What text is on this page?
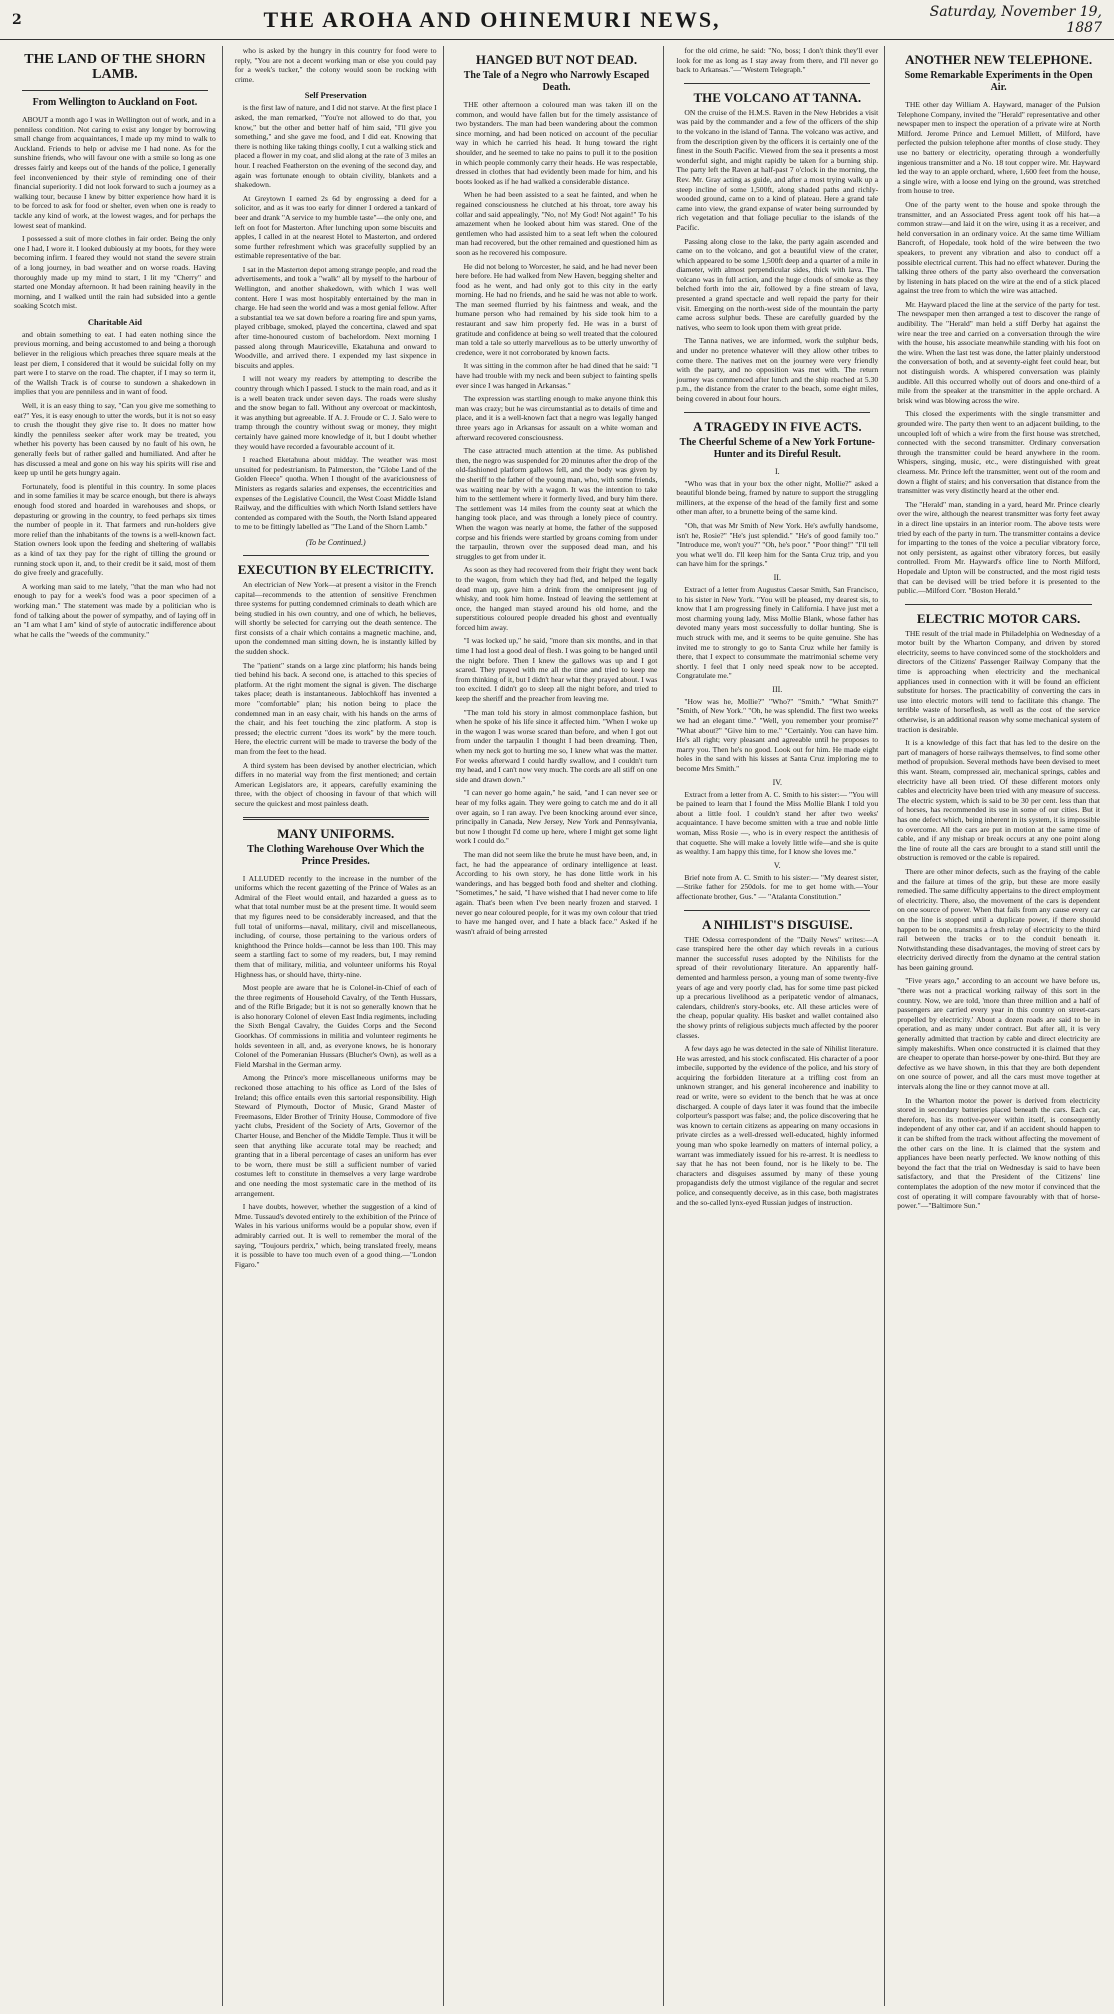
2	THE AROHA AND OHINEMURI NEWS,	Saturday, November 19, 1887
THE LAND OF THE SHORN LAMB.
From Wellington to Auckland on Foot.

ABOUT a month ago I was in Wellington out of work, and in a penniless condition. Not caring to exist any longer by borrowing small change from acquaintances, I made up my mind to walk to Auckland. Friends to help or advise me I had none. As for the sunshine friends, who will favour one with a smile so long as one dresses fairly and keeps out of the hands of the police, I generally feel inconvenienced by their style of reminding one of their financial superiority. I did not look forward to such a journey as a walking tour, because I knew by bitter experience how hard it is to be forced to ask for food or shelter, even when one is ready to tackle any kind of work, at the lowest wages, and for perhaps the lowest seat of mankind.

I possessed a suit of more clothes in fair order. Being the only one I had, I wore it. I looked dubiously at my boots, for they were becoming infirm. I feared they would not stand the severe strain of a long journey, in bad weather and on worse roads. Having thoroughly made up my mind to start, I lit my "Cherry" and started one Monday afternoon. It had been raining heavily in the morning, and I walked until the rain had subsided into a gentle soaking Scotch mist.

Charitable Aid

and obtain something to eat. I had eaten nothing since the previous morning, and being accustomed to and being a thorough believer in the religious which preaches three square meals at the least per diem, I considered that it would be suicidal folly on my part were I to starve on the road. The chapter, if I may so term it, of the Wallsh Track is of course to sundown a shakedown in implies that you are penniless and in want of food.

Well, it is an easy thing to say, "Can you give me something to eat?" Yes, it is easy enough to utter the words, but it is not so easy to crush the thought they give rise to. It does no matter how kindly the penniless seeker after work may be treated, you whether his poverty has been caused by no fault of his own, he generally feels but of rather galled and humiliated. And after he has discussed a meal and gone on his way his spirits will rise and keep up until he gets hungry again.

Fortunately, food is plentiful in this country. In some places and in some families it may be scarce enough, but there is always enough food stored and hoarded in warehouses and shops, or depasturing or growing in the country, to feed perhaps six times the number of people in it. That farmers and run-holders give more relief than the inhabitants of the towns is a well-known fact. Station owners look upon the feeding and sheltering of wallabis as a kind of tax they pay for the right of tilling the ground or running stock upon it, and, to their credit be it said, most of them do give freely and gracefully.

A working man said to me lately, "that the man who had not enough to pay for a week's food was a poor specimen of a working man." The statement was made by a politician who is fond of talking about the power of sympathy, and of laying off in an "I am what I am" kind of style of autocratic indifference about what he calls the "weeds of the community."

who is asked by the hungry in this country for food were to reply, "You are not a decent working man or else you could pay for a week's tucker," the colony would soon be rocking with crime.

Self Preservation

is the first law of nature, and I did not starve. At the first place I asked, the man remarked, "You're not allowed to do that, you know," but the other and better half of him said, "I'll give you something," and she gave me food, and I did eat. Knowing that there is nothing like taking things coolly, I cut a walking stick and placed a flower in my coat, and slid along at the rate of 3 miles an hour. I reached Featherston on the evening of the second day, and again was fortunate enough to obtain civility, blankets and a shakedown.

At Greytown I earned 2s 6d by engrossing a deed for a solicitor, and as it was too early for dinner I ordered a tankard of beer and drank "A service to my humble taste"—the only one, and left on foot for Masterton. After lunching upon some biscuits and apples, I called in at the nearest Hotel to Masterton, and ordered some further refreshment which was gracefully supplied by an estimable representative of the bar.

I sat in the Masterton depot among strange people, and read the advertisements, and took a "walk" all by myself to the harbour of Wellington, and another shakedown, with which I was well content. Here I was most hospitably entertained by the man in charge. He had seen the world and was a most genial fellow. After a substantial tea we sat down before a roaring fire and spun yarns, played cribbage, smoked, played the concertina, clawed and spat after time-honoured custom of bachelordom. Next morning I passed along through Mauriceville, Ekatahuna and onward to Woodville, and arrived there. I expended my last sixpence in biscuits and apples.

I will not weary my readers by attempting to describe the country through which I passed. I stuck to the main road, and as it is a well beaten track under seven days. The roads were slushy and the snow began to fall. Without any overcoat or mackintosh, it was anything but agreeable. If A. J. Froude or C. J. Salo were to tramp through the country without swag or money, they might certainly have gained more knowledge of it, but I doubt whether they would have recorded a favourable account of it.

I reached Eketahuna about midday. The weather was most unsuited for pedestrianism. In Palmerston, the "Globe Land of the Golden Fleece" quotha. When I thought of the avariciousness of Ministers as regards salaries and expenses, the eccentricities and expenses of the Legislative Council, the West Coast Middle Island Railway, and the difficulties with which North Island settlers have contended as compared with the South, the North Island appeared to me to be fittingly labelled as "The Land of the Shorn Lamb."

(To be Continued.)
EXECUTION BY ELECTRICITY.

An electrician of New York—at present a visitor in the French capital—recommends to the attention of sensitive Frenchmen three systems for putting condemned criminals to death which are being studied in his own country, and one of which, he believes, will shortly be selected for carrying out the death sentence. The first consists of a chair which contains a magnetic machine, and, upon the condemned man sitting down, he is instantly killed by the sudden shock.

The "patient" stands on a large zinc platform; his hands being tied behind his back. A second one, is attached to this species of platform. At the right moment the signal is given. The discharge takes place; death is instantaneous. Jablochkoff has invented a more "comfortable" plan; his notion being to place the condemned man in an easy chair, with his hands on the arms of the chair, and his feet touching the zinc platform. A stop is pressed; the electric current "does its work" by the mere touch. Here, the electric current will be made to traverse the body of the man from the feet to the head.

A third system has been devised by another electrician, which differs in no material way from the first mentioned; and certain American Legislators are, it appears, carefully examining the three, with the object of choosing in favour of that which will secure the quickest and most painless death.

MANY UNIFORMS.
The Clothing Warehouse Over Which the Prince Presides.

I ALLUDED recently to the increase in the number of the uniforms which the recent gazetting of the Prince of Wales as an Admiral of the Fleet would entail, and hazarded a guess as to what that total number must be at the present time. It would seem that my figures need to be considerably increased, and that the full total of uniforms—naval, military, civil and miscellaneous, including, of course, those pertaining to the various orders of knighthood the Prince holds—cannot be less than 100. This may seem a startling fact to some of my readers, but, I may remind them that of military, militia, and volunteer uniforms his Royal Highness has, or should have, thirty-nine.

Most people are aware that he is Colonel-in-Chief of each of the three regiments of Household Cavalry, of the Tenth Hussars, and of the Rifle Brigade; but it is not so generally known that he is also honorary Colonel of eleven East India regiments, including the Sixth Bengal Cavalry, the Guides Corps and the Second Goorkhas. Of commissions in militia and volunteer regiments he holds seventeen in all, and, as everyone knows, he is honorary Colonel of the Pomeranian Hussars (Blucher's Own), as well as a Field Marshal in the German army.

Among the Prince's more miscellaneous uniforms may be reckoned those attaching to his office as Lord of the Isles of Ireland; this office entails even this sartorial responsibility. High Steward of Plymouth, Doctor of Music, Grand Master of Freemasons, Elder Brother of Trinity House, Commodore of five yacht clubs, President of the Society of Arts, Governor of the Charter House, and Bencher of the Middle Temple. Thus it will be seen that anything like accurate total may be reached; and granting that in a liberal percentage of cases an uniform has ever to be worn, there must be still a sufficient number of varied costumes left to constitute in themselves a very large wardrobe and one needing the most systematic care in the method of its arrangement.

I have doubts, however, whether the suggestion of a kind of Mme. Tussaud's devoted entirely to the exhibition of the Prince of Wales in his various uniforms would be a popular show, even if admirably carried out. It is well to remember the moral of the saying, "Toujours perdrix," which, being translated freely, means it is possible to have too much even of a good thing.—"London Figaro."

HANGED BUT NOT DEAD.
The Tale of a Negro who Narrowly Escaped Death.

THE other afternoon a coloured man was taken ill on the common, and would have fallen but for the timely assistance of two bystanders. The man had been wandering about the common since morning, and had been noticed on account of the peculiar way in which he carried his head. It hung toward the right shoulder, and he seemed to take no pains to pull it to the position in which people commonly carry their heads. He was respectable, dressed in clothes that had evidently been made for him, and his boots looked as if he had walked a considerable distance.

When he had been assisted to a seat he fainted, and when he regained consciousness he clutched at his throat, tore away his collar and said appealingly, "No, no! My God! Not again!" To his amazement when he looked about him was stared. One of the gentlemen who had assisted him to a seat left when the coloured man had recovered, but the other remained and questioned him as soon as he recovered his composure.

He did not belong to Worcester, he said, and he had never been here before. He had walked from New Haven, begging shelter and food as he went, and had only got to this city in the early morning. He had no friends, and he said he was not able to work. The man seemed flurried by his faintness and weak, and the humane person who had remained by his side took him to a restaurant and saw him properly fed. He was in a burst of gratitude and confidence at being so well treated that the coloured man told a tale so utterly marvellous as to be utterly unworthy of credence, were it not corroborated by known facts.

It was sitting in the common after he had dined that he said: "I have had trouble with my neck and been subject to fainting spells ever since I was hanged in Arkansas."

The expression was startling enough to make anyone think this man was crazy; but he was circumstantial as to details of time and place, and it is a well-known fact that a negro was legally hanged three years ago in Arkansas for assault on a white woman and afterward recovered consciousness.

The case attracted much attention at the time. As published then, the negro was suspended for 20 minutes after the drop of the old-fashioned platform gallows fell, and the body was given by the sheriff to the father of the young man, who, with some friends, was waiting near by with a wagon. It was the intention to take him to the settlement where it formerly lived, and bury him there. The settlement was 14 miles from the county seat at which the hanging took place, and was through a lonely piece of country. When the wagon was nearly at home, the father of the supposed corpse and his friends were startled by groans coming from under the tarpaulin, thrown over the supposed dead man, and his struggles to get from under it.

As soon as they had recovered from their fright they went back to the wagon, from which they had fled, and helped the legally dead man up, gave him a drink from the omnipresent jug of whisky, and took him home. Instead of leaving the settlement at once, the hanged man stayed around his old home, and the superstitious coloured people dreaded his ghost and eventually forced him away.

"I was locked up," he said, "more than six months, and in that time I had lost a good deal of flesh. I was going to be hanged until the night before. Then I knew the gallows was up and I got scared. They prayed with me all the time and tried to keep me from thinking of it, but I didn't hear what they prayed about. I was too excited. I didn't go to sleep all the night before, and tried to keep the sheriff and the preacher from leaving me.

"The man told his story in almost commonplace fashion, but when he spoke of his life since it affected him. "When I woke up in the wagon I was worse scared than before, and when I got out from under the tarpaulin I thought I had been dreaming. Then, when my neck got to hurting me so, I knew what was the matter. For weeks afterward I could hardly swallow, and I couldn't turn my head, and I can't now very much. The cords are all stiff on one side and drawn down."

"I can never go home again," he said, "and I can never see or hear of my folks again. They were going to catch me and do it all over again, so I ran away. I've been knocking around ever since, principally in Canada, New Jersey, New York and Pennsylvania, but now I thought I'd come up here, where I might get some light work I could do."

The man did not seem like the brute he must have been, and, in fact, he had the appearance of ordinary intelligence at least. According to his own story, he has done little work in his wanderings, and has begged both food and shelter and clothing. "Sometimes," he said, "I have wished that I had never come to life again. That's been when I've been nearly frozen and starved. I never go near coloured people, for it was my own colour that tried to have me hanged over, and I hate a black face." Asked if he wasn't afraid of being arrested

for the old crime, he said: "No, boss; I don't think they'll ever look for me as long as I stay away from there, and I'll never go back to Arkansas."—"Western Telegraph."

THE VOLCANO AT TANNA.

ON the cruise of the H.M.S. Raven in the New Hebrides a visit was paid by the commander and a few of the officers of the ship to the volcano in the island of Tanna. The volcano was active, and from the description given by the officers it is certainly one of the finest in the South Pacific. Viewed from the sea it presents a most wonderful sight, and might rapidly be taken for a burning ship. The party left the Raven at half-past 7 o'clock in the morning, the Rev. Mr. Gray acting as guide, and after a most trying walk up a steep incline of some 1,500ft, along shaded paths and richly-wooded ground, came on to a kind of plateau. Here a grand tale came into view, the grand expanse of water being surrounded by rich vegetation and that foliage peculiar to the islands of the Pacific.

Passing along close to the lake, the party again ascended and came on to the volcano, and got a beautiful view of the crater, which appeared to be some 1,500ft deep and a quarter of a mile in diameter, with almost perpendicular sides, thick with lava. The volcano was in full action, and the huge clouds of smoke as they belched forth into the air, followed by a fine stream of lava, presented a grand spectacle and well repaid the party for their visit. Emerging on the north-west side of the mountain the party came across sulphur beds. These are carefully guarded by the natives, who seem to look upon them with great pride.

The Tanna natives, we are informed, work the sulphur beds, and under no pretence whatever will they allow other tribes to come there. The natives met on the journey were very friendly with the party, and no opposition was met with. The return journey was commenced after lunch and the ship reached at 5.30 p.m., the distance from the crater to the beach, some eight miles, being covered in about four hours.

A TRAGEDY IN FIVE ACTS.
The Cheerful Scheme of a New York Fortune-Hunter and its Direful Result.
I.

"Who was that in your box the other night, Mollie?" asked a beautiful blonde being, framed by nature to support the struggling milliners, at the expense of the head of the family first and some other man after, to a brunette being of the same kind.

"Oh, that was Mr Smith of New York. He's awfully handsome, isn't he, Rosie?" "He's just splendid." "He's of good family too." "Introduce me, won't you?" "Oh, he's poor." "Poor thing!" "I'll tell you what we'll do. I'll keep him for the Santa Cruz trip, and you can have him for the springs."

II.

Extract of a letter from Augustus Caesar Smith, San Francisco, to his sister in New York. "You will be pleased, my dearest sis, to know that I am progressing finely in California. I have just met a most charming young lady, Miss Mollie Blank, whose father has devoted many years most successfully to dollar hunting. She is much struck with me, and it seems to be quite genuine. She has invited me to strongly to go to Santa Cruz while her family is there, that I expect to consummate the matrimonial scheme very shortly. I feel that I only need speak now to be accepted. Congratulate me."

III.

"How was he, Mollie?" "Who?" "Smith." "What Smith?" "Smith, of New York." "Oh, he was splendid. The first two weeks we had an elegant time." "Well, you remember your promise?" "What about?" "Give him to me." "Certainly. You can have him. He's all right; very pleasant and agreeable until he proposes to marry you. Then he's no good. Look out for him. He made eight holes in the sand with his kisses at Santa Cruz imploring me to become Mrs Smith."

IV.

Extract from a letter from A. C. Smith to his sister:— "You will be pained to learn that I found the Miss Mollie Blank I told you about a little fool. I couldn't stand her after two weeks' acquaintance. I have become smitten with a true and noble little woman, Miss Rosie —, who is in every respect the antithesis of that coquette. She will make a lovely little wife—and she is quite as wealthy. I am happy this time, for I know she loves me."

V.

Brief note from A. C. Smith to his sister:— "My dearest sister,—Strike father for 250dols. for me to get home with.—Your affectionate brother, Gus." — "Atalanta Constitution."

A NIHILIST'S DISGUISE.

THE Odessa correspondent of the "Daily News" writes:—A case transpired here the other day which reveals in a curious manner the successful ruses adopted by the Nihilists for the spread of their revolutionary literature. An apparently half-demented and harmless person, a young man of some twenty-five years of age and very poorly clad, has for some time past picked up a precarious livelihood as a peripatetic vendor of almanacs, calendars, children's story-books, etc. All these articles were of the cheap, popular quality. His basket and wallet contained also the showy prints of religious subjects much affected by the poorer classes.

A few days ago he was detected in the sale of Nihilist literature. He was arrested, and his stock confiscated. His character of a poor imbecile, supported by the evidence of the police, and his story of acquiring the forbidden literature at a trifling cost from an unknown stranger, and his general incoherence and inability to read or write, were so evident to the bench that he was at once discharged. A couple of days later it was found that the imbecile colporteur's passport was false; and, the police discovering that he was known to certain citizens as appearing on many occasions in private circles as a well-dressed well-educated, highly informed young man who spoke learnedly on matters of internal policy, a warrant was immediately issued for his re-arrest. It is needless to say that he has not been found, nor is he likely to be. The characters and disguises assumed by many of these young propagandists defy the utmost vigilance of the regular and secret police, and consequently deceive, as in this case, both magistrates and the so-called lynx-eyed Russian judges of instruction.

ANOTHER NEW TELEPHONE.
Some Remarkable Experiments in the Open Air.

THE other day William A. Hayward, manager of the Pulsion Telephone Company, invited the "Herald" representative and other newspaper men to inspect the operation of a private wire at North Milford. Jerome Prince and Lemuel Millett, of Milford, have perfected the pulsion telephone after months of close study. They use no battery or electricity, operating through a wonderfully ingenious transmitter and a No. 18 tout copper wire. Mr. Hayward led the way to an apple orchard, where, 1,600 feet from the house, a single wire, with a loose end lying on the ground, was stretched from house to tree.

One of the party went to the house and spoke through the transmitter, and an Associated Press agent took off his hat—a common straw—and laid it on the wire, using it as a receiver, and held conversation in an ordinary voice. At the same time William Bancroft, of Hopedale, took hold of the wire between the two speakers, to prevent any vibration and also to conduct off a possible electrical current. This had no effect whatever. During the talking three others of the party also overheard the conversation by listening in hats placed on the wire at the end of a stick placed against the tree from to which the wire was attached.

Mr. Hayward placed the line at the service of the party for test. The newspaper men then arranged a test to discover the range of audibility. The "Herald" man held a stiff Derby hat against the wire near the tree and carried on a conversation through the wire with the house, his associate meanwhile standing with his foot on the wire. When the last test was done, the latter plainly understood the conversation of both, and at seventy-eight feet could hear, but not distinguish words. A whispered conversation was plainly audible. All this occurred wholly out of doors and one-third of a mile from the speaker at the transmitter in the apple orchard. A brisk wind was blowing across the wire.

This closed the experiments with the single transmitter and grounded wire. The party then went to an adjacent building, to the uncoupled loft of which a wire from the first house was stretched, connected with the second transmitter. Ordinary conversation through the transmitter could be heard anywhere in the room. Whispers, singing, music, etc., were distinguished with great clearness. Mr. Prince left the transmitter, went out of the room and down a flight of stairs; and his conversation that distance from the transmitter was very distinctly heard at the other end.

The "Herald" man, standing in a yard, heard Mr. Prince clearly over the wire, although the nearest transmitter was forty feet away in a direct line upstairs in an interior room. The above tests were tried by each of the party in turn. The transmitter contains a device for imparting to the tones of the voice a peculiar vibratory force, not only persistent, as against other vibratory forces, but easily controlled. From Mr. Hayward's office line to North Milford, Hopedale and Upton will be constructed, and the most rigid tests that can be devised will be tried before it is presented to the public.—Milford Corr. "Boston Herald."

ELECTRIC MOTOR CARS.

THE result of the trial made in Philadelphia on Wednesday of a motor built by the Wharton Company, and driven by stored electricity, seems to have convinced some of the stockholders and directors of the Citizens' Passenger Railway Company that the time is approaching when electricity and the mechanical appliances used in connection with it will be found an efficient substitute for horses. The practicability of converting the cars in use into electric motors will tend to facilitate this change. The terrible waste of horseflesh, as well as the cost of the service otherwise, is an additional reason why some mechanical system of traction is desirable.

It is a knowledge of this fact that has led to the desire on the part of managers of horse railways themselves, to find some other method of propulsion. Several methods have been devised to meet this want. Steam, compressed air, mechanical springs, cables and electricity have all been tried. Of these different motors only cables and electricity have been tried with any measure of success. The electric system, which is said to be 30 per cent. less than that of horses, has recommended its use in some of our cities. But it has one defect which, being inherent in its system, it is impossible to overcome. All the cars are put in motion at the same time of cable, and if any mishap or break occurs at any one point along the line of route all the cars are brought to a stand still until the obstruction is removed or the cable is repaired.

There are other minor defects, such as the fraying of the cable and the failure at times of the grip, but these are more easily remedied. The same difficulty appertains to the direct employment of electricity. There, also, the movement of the cars is dependent on one source of power. When that fails from any cause every car on the line is stopped until a duplicate power, if there should happen to be one, transmits a fresh relay of electricity to the third rail between the tracks or to the conduit beneath it. Notwithstanding these disadvantages, the moving of street cars by electricity derived directly from the dynamo at the central station has been gaining ground.

"Five years ago," according to an account we have before us, "there was not a practical working railway of this sort in the country. Now, we are told, 'more than three million and a half of passengers are carried every year in this country on street-cars propelled by electricity.' About a dozen roads are said to be in operation, and as many under contract. But after all, it is very generally admitted that traction by cable and direct electricity are simply makeshifts. When once constructed it is claimed that they are cheaper to operate than horse-power by one-third. But they are defective as we have shown, in this that they are both dependent on one source of power, and all the cars must move together at intervals along the line or they cannot move at all.

In the Wharton motor the power is derived from electricity stored in secondary batteries placed beneath the cars. Each car, therefore, has its motive-power within itself, is consequently independent of any other car, and if an accident should happen to it can be shifted from the track without affecting the movement of the other cars on the line. It is claimed that the system and appliances have been nearly perfected. We know nothing of this beyond the fact that the trial on Wednesday is said to have been satisfactory, and that the President of the Citizens' line contemplates the adoption of the new motor if convinced that the cost of operating it will compare favourably with that of horse-power."—"Baltimore Sun."
